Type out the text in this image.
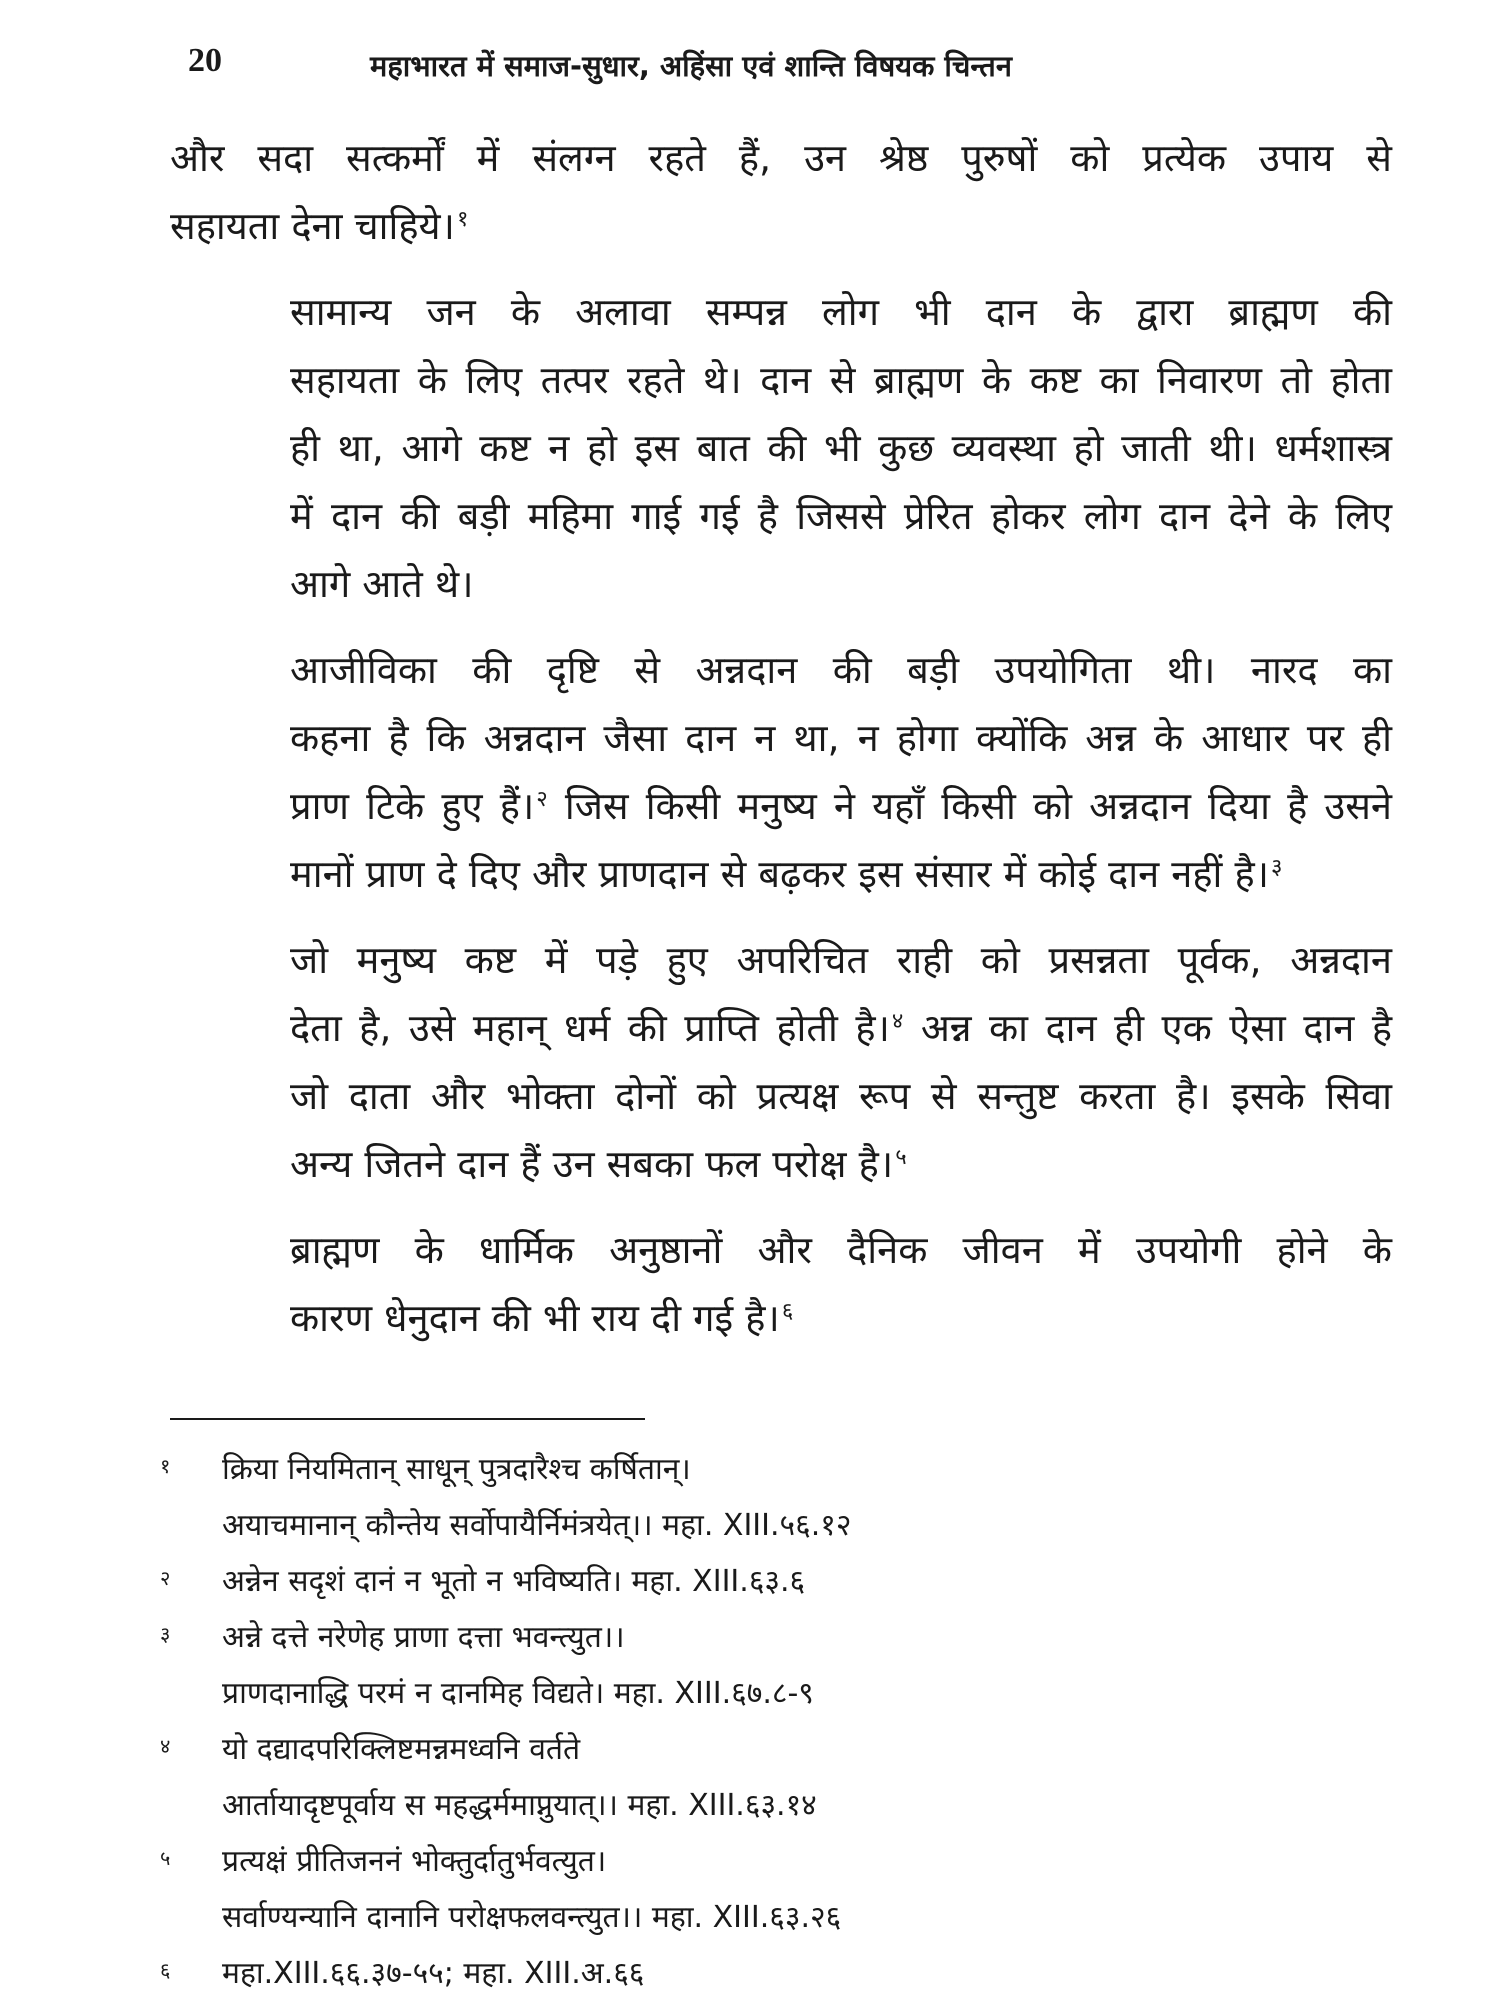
20	महाभारत में समाज-सुधार, अहिंसा एवं शान्ति विषयक चिन्तन
और सदा सत्कर्मों में संलग्न रहते हैं, उन श्रेष्ठ पुरुषों को प्रत्येक उपाय से
सहायता देना चाहिये।$^१$
सामान्य जन के अलावा सम्पन्न लोग भी दान के द्वारा ब्राह्मण की
सहायता के लिए तत्पर रहते थे। दान से ब्राह्मण के कष्ट का निवारण तो होता
ही था, आगे कष्ट न हो इस बात की भी कुछ व्यवस्था हो जाती थी। धर्मशास्त्र
में दान की बड़ी महिमा गाई गई है जिससे प्रेरित होकर लोग दान देने के लिए
आगे आते थे।
आजीविका की दृष्टि से अन्नदान की बड़ी उपयोगिता थी। नारद का
कहना है कि अन्नदान जैसा दान न था, न होगा क्योंकि अन्न के आधार पर ही
प्राण टिके हुए हैं।$^२$ जिस किसी मनुष्य ने यहाँ किसी को अन्नदान दिया है उसने
मानों प्राण दे दिए और प्राणदान से बढ़कर इस संसार में कोई दान नहीं है।$^३$
जो मनुष्य कष्ट में पड़े हुए अपरिचित राही को प्रसन्नता पूर्वक, अन्नदान
देता है, उसे महान् धर्म की प्राप्ति होती है।$^४$ अन्न का दान ही एक ऐसा दान है
जो दाता और भोक्ता दोनों को प्रत्यक्ष रूप से सन्तुष्ट करता है। इसके सिवा
अन्य जितने दान हैं उन सबका फल परोक्ष है।$^५$
ब्राह्मण के धार्मिक अनुष्ठानों और दैनिक जीवन में उपयोगी होने के
कारण धेनुदान की भी राय दी गई है।$^६$
१ क्रिया नियमितान् साधून् पुत्रदारैश्च कर्षितान्।
अयाचमानान् कौन्तेय सर्वोपायैर्निमंत्रयेत्।। महा. XIII.५६.१२
२ अन्नेन सदृशं दानं न भूतो न भविष्यति। महा. XIII.६३.६
३ अन्ने दत्ते नरेणेह प्राणा दत्ता भवन्त्युत।।
प्राणदानाद्धि परमं न दानमिह विद्यते। महा. XIII.६७.८-९
४ यो दद्यादपरिक्लिष्टमन्नमध्वनि वर्तते
आर्तायादृष्टपूर्वाय स महद्धर्ममाप्नुयात्।। महा. XIII.६३.१४
५ प्रत्यक्षं प्रीतिजननं भोक्तुर्दातुर्भवत्युत।
सर्वाण्यन्यानि दानानि परोक्षफलवन्त्युत।। महा. XIII.६३.२६
६ महा.XIII.६६.३७-५५; महा. XIII.अ.६६
